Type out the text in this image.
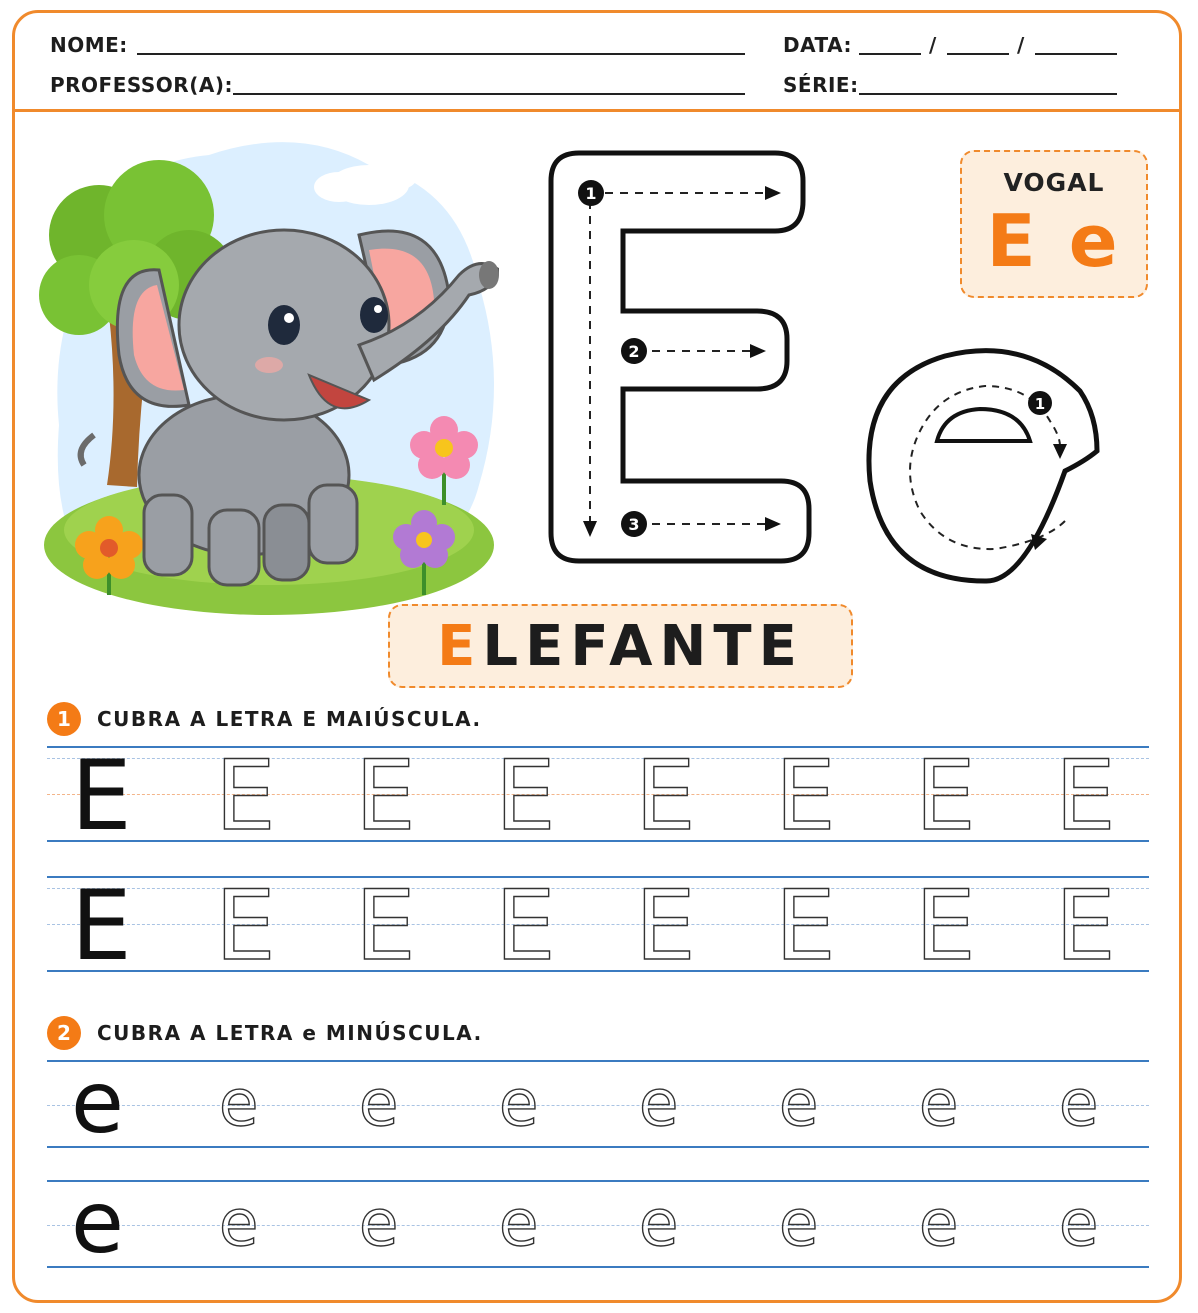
NOME:
PROFESSOR(A):
DATA:	/	/
SÉRIE:
1
2
3
1
VOGAL
E e
ELEFANTE
1	CUBRA A LETRA E MAIÚSCULA.
E E E E E E E E
E E E E E E E E
2	CUBRA A LETRA e MINÚSCULA.
e e e e e e e e
e e e e e e e e
